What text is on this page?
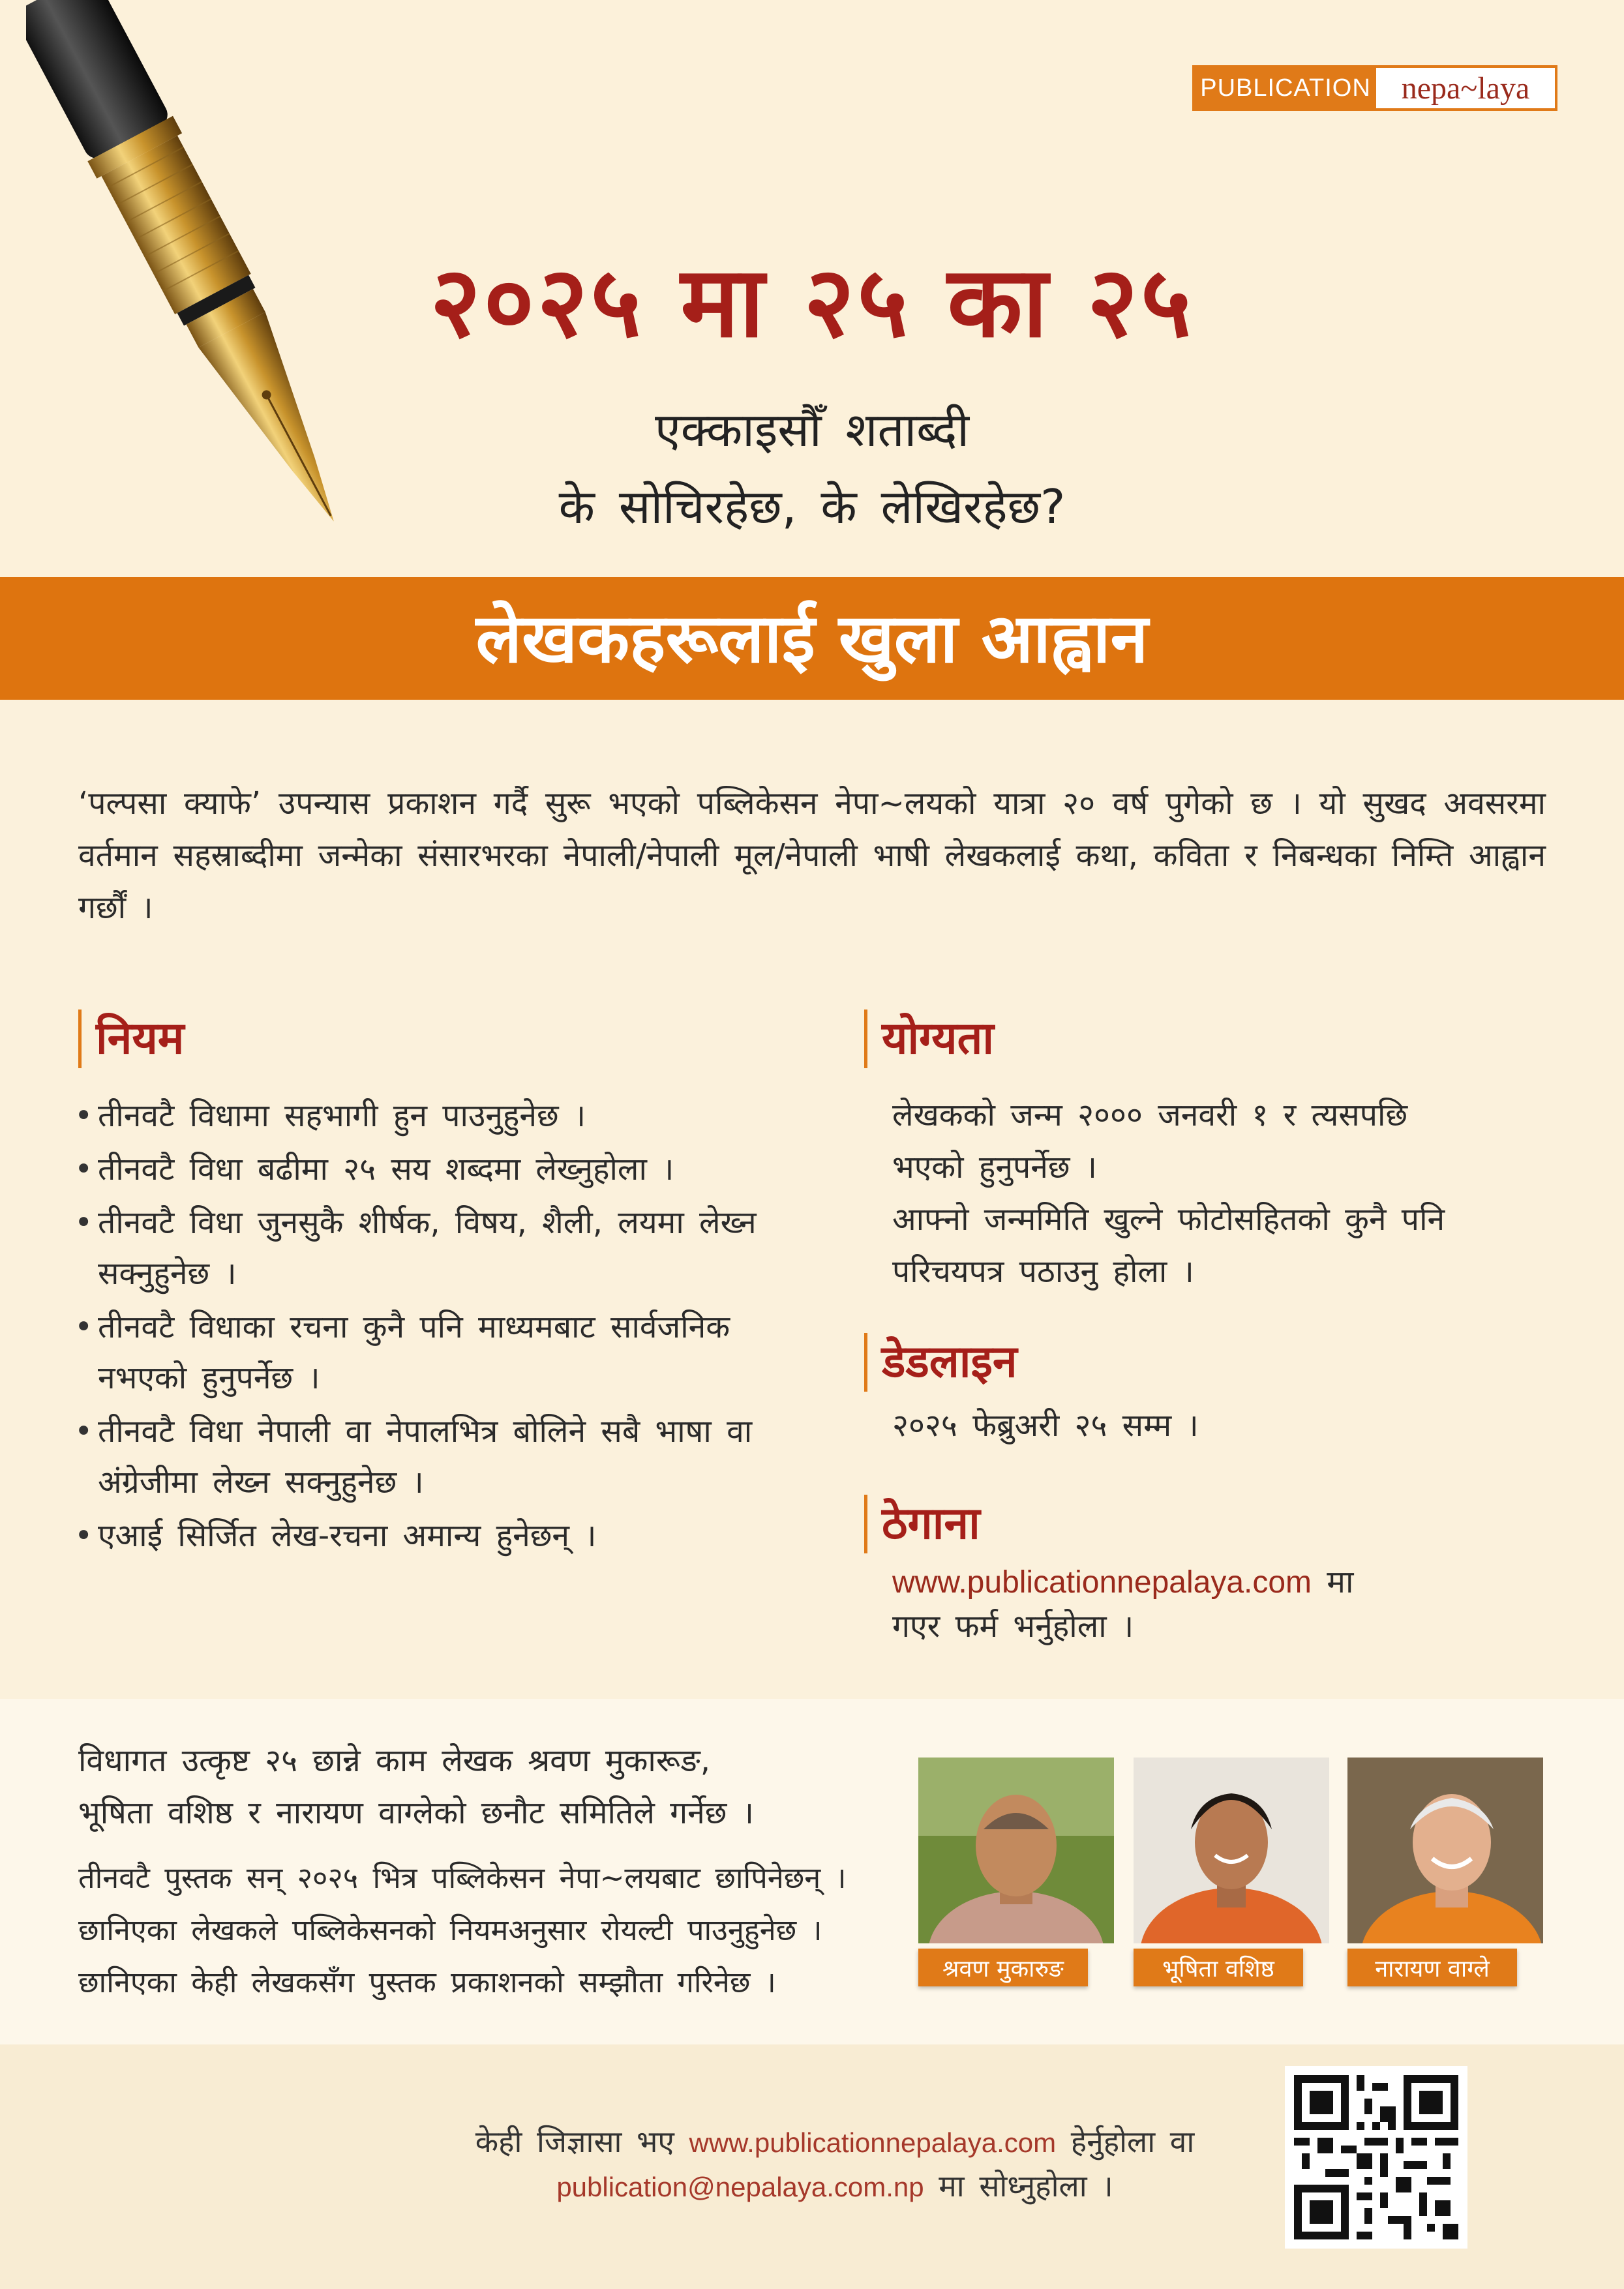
PUBLICATION nepa~laya
२०२५ मा २५ का २५
एक्काइसौँ शताब्दी
के सोचिरहेछ, के लेखिरहेछ?
लेखकहरूलाई खुला आह्वान
‘पल्पसा क्याफे’ उपन्यास प्रकाशन गर्दै सुरू भएको पब्लिकेसन नेपा~लयको यात्रा २० वर्ष पुगेको छ । यो सुखद अवसरमा वर्तमान सहस्राब्दीमा जन्मेका संसारभरका नेपाली/नेपाली मूल/नेपाली भाषी लेखकलाई कथा, कविता र निबन्धका निम्ति आह्वान गर्छौं ।
नियम
• तीनवटै विधामा सहभागी हुन पाउनुहुनेछ ।
• तीनवटै विधा बढीमा २५ सय शब्दमा लेख्नुहोला ।
• तीनवटै विधा जुनसुकै शीर्षक, विषय, शैली, लयमा लेख्न सक्नुहुनेछ ।
• तीनवटै विधाका रचना कुनै पनि माध्यमबाट सार्वजनिक नभएको हुनुपर्नेछ ।
• तीनवटै विधा नेपाली वा नेपालभित्र बोलिने सबै भाषा वा अंग्रेजीमा लेख्न सक्नुहुनेछ ।
• एआई सिर्जित लेख-रचना अमान्य हुनेछन् ।
योग्यता
लेखकको जन्म २००० जनवरी १ र त्यसपछि
भएको हुनुपर्नेछ ।
आफ्नो जन्ममिति खुल्ने फोटोसहितको कुनै पनि
परिचयपत्र पठाउनु होला ।
डेडलाइन
२०२५ फेब्रुअरी २५ सम्म ।
ठेगाना
www.publicationnepalaya.com मा
गएर फर्म भर्नुहोला ।
विधागत उत्कृष्ट २५ छान्ने काम लेखक श्रवण मुकारूङ,
भूषिता वशिष्ठ र नारायण वाग्लेको छनौट समितिले गर्नेछ ।
तीनवटै पुस्तक सन् २०२५ भित्र पब्लिकेसन नेपा~लयबाट छापिनेछन् ।
छानिएका लेखकले पब्लिकेसनको नियमअनुसार रोयल्टी पाउनुहुनेछ ।
छानिएका केही लेखकसँग पुस्तक प्रकाशनको सम्झौता गरिनेछ ।	श्रवण मुकारुङ	भूषिता वशिष्ठ	नारायण वाग्ले
केही जिज्ञासा भए www.publicationnepalaya.com हेर्नुहोला वा
publication@nepalaya.com.np मा सोध्नुहोला ।
